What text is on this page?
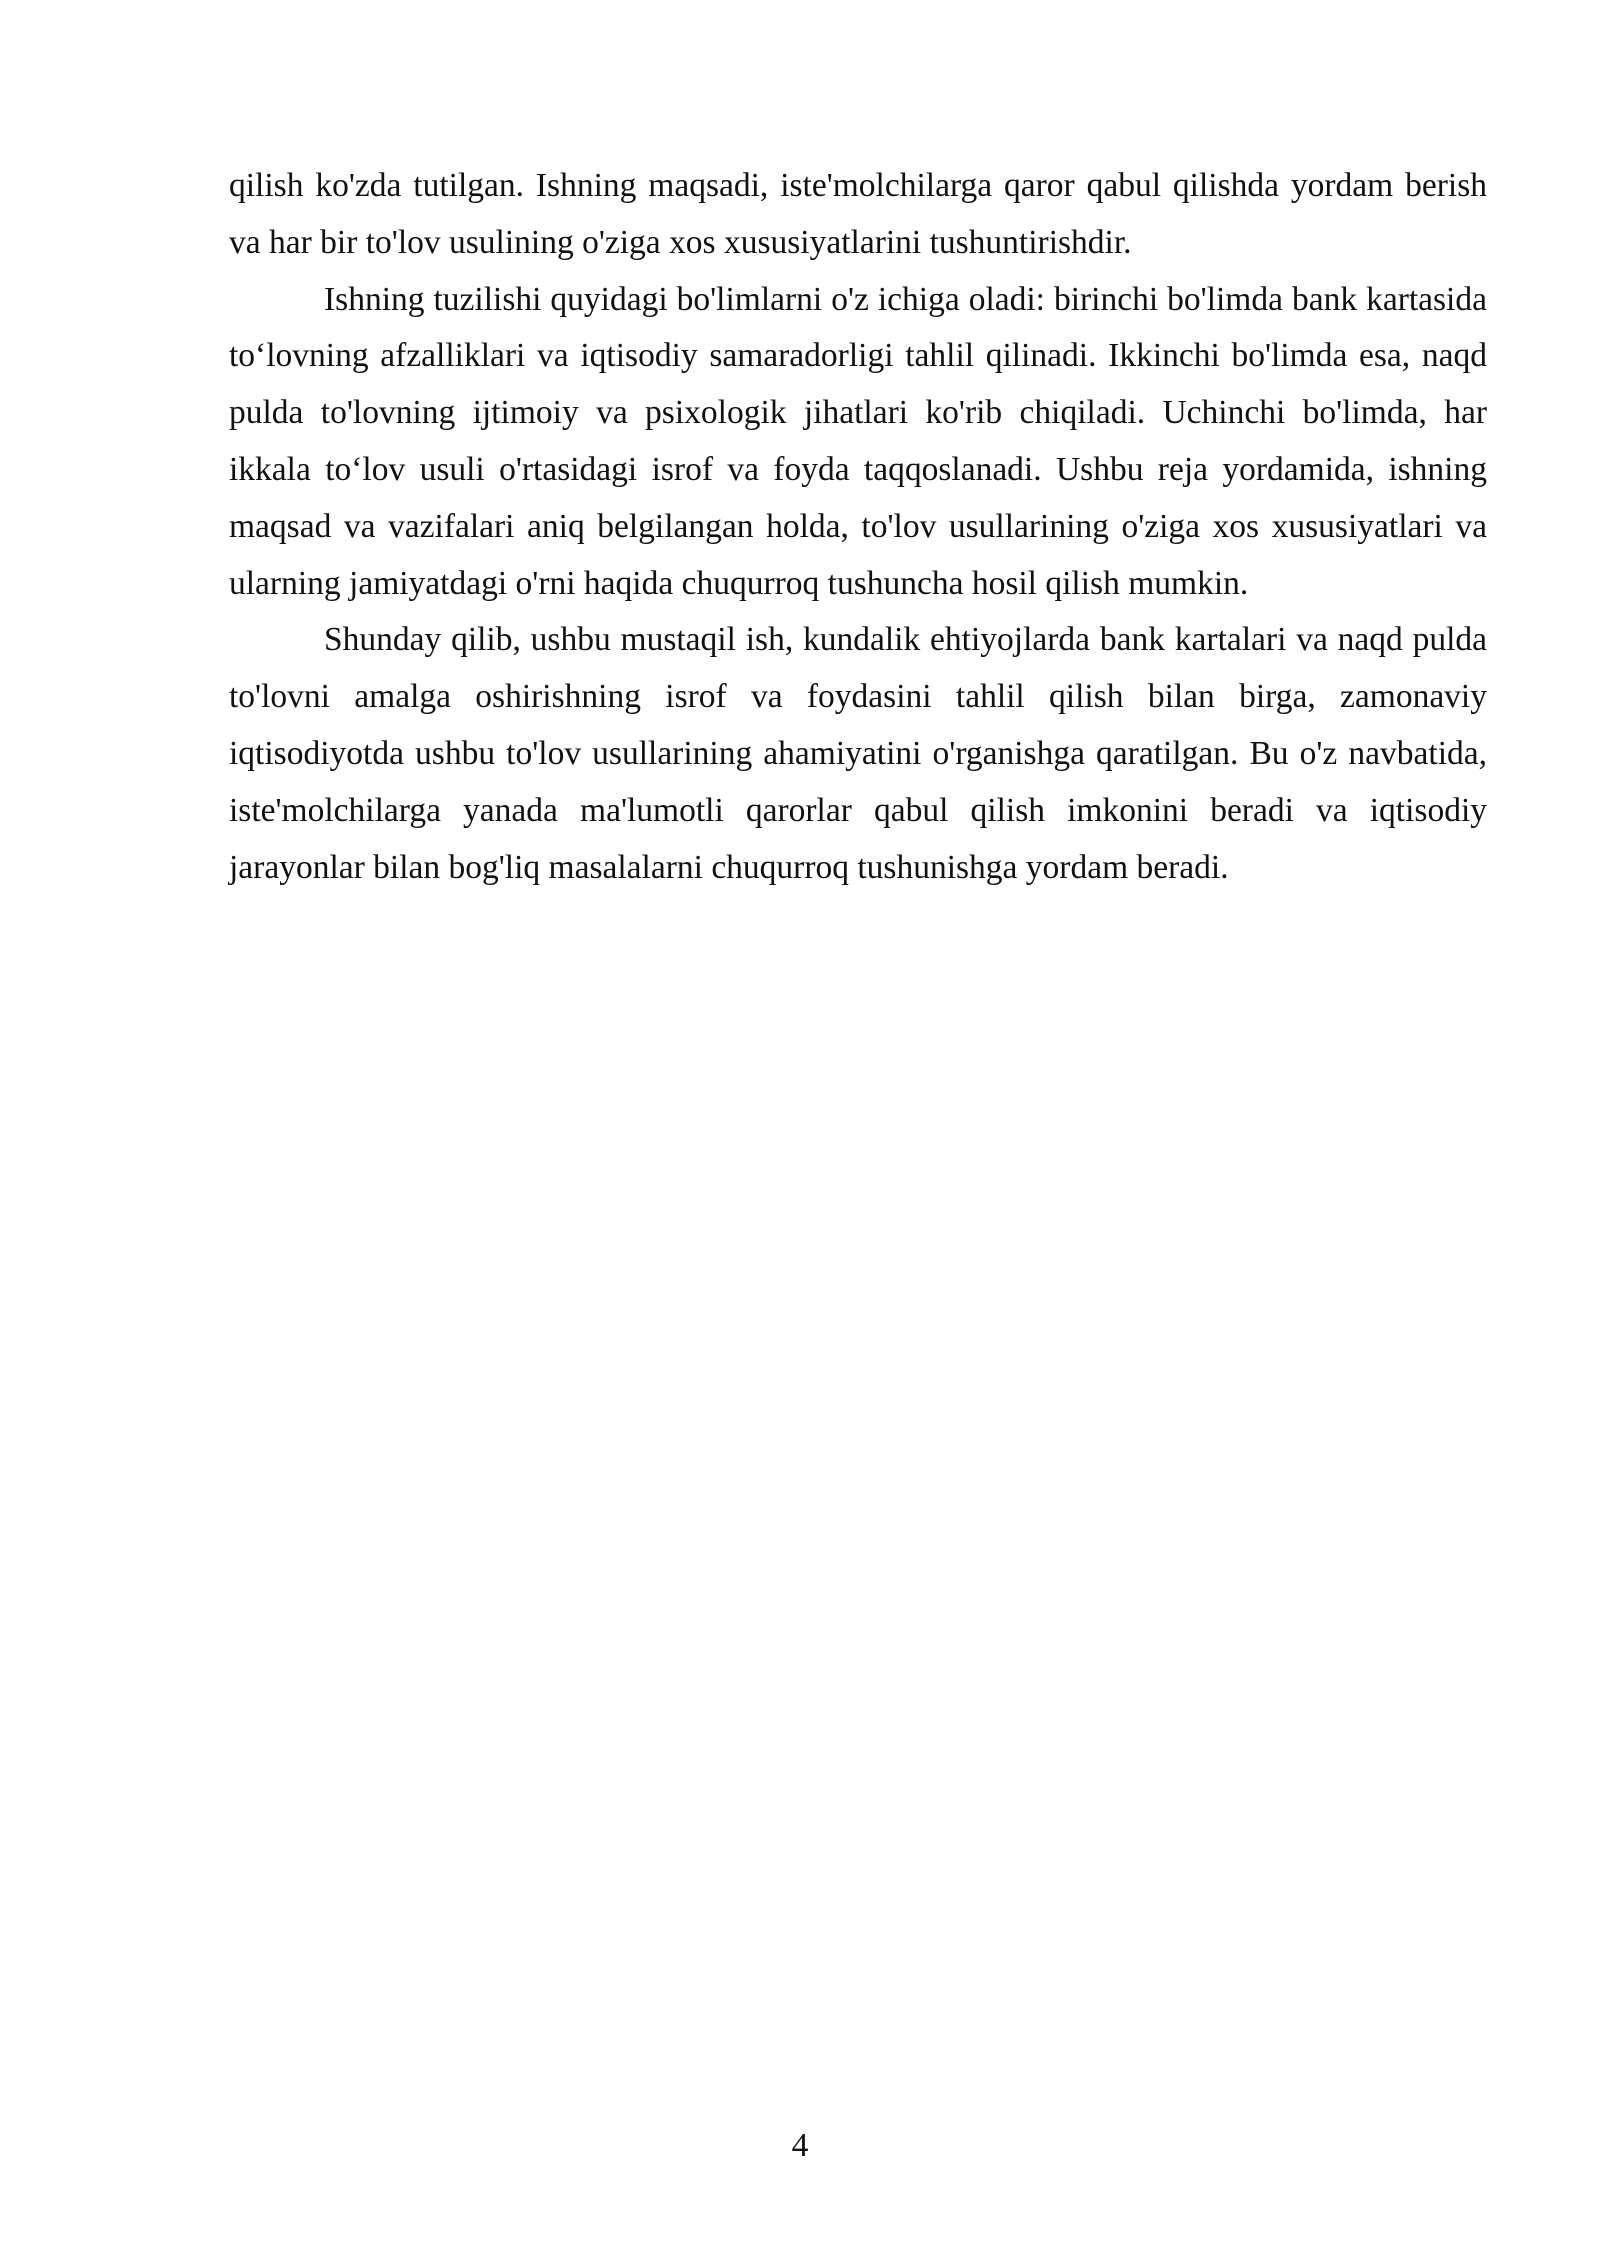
qilish ko'zda tutilgan. Ishning maqsadi, iste'molchilarga qaror qabul qilishda yordam berish va har bir to'lov usulining o'ziga xos xususiyatlarini tushuntirishdir.

Ishning tuzilishi quyidagi bo'limlarni o'z ichiga oladi: birinchi bo'limda bank kartasida to‘lovning afzalliklari va iqtisodiy samaradorligi tahlil qilinadi. Ikkinchi bo'limda esa, naqd pulda to'lovning ijtimoiy va psixologik jihatlari ko'rib chiqiladi. Uchinchi bo'limda, har ikkala to‘lov usuli o'rtasidagi isrof va foyda taqqoslanadi. Ushbu reja yordamida, ishning maqsad va vazifalari aniq belgilangan holda, to'lov usullarining o'ziga xos xususiyatlari va ularning jamiyatdagi o'rni haqida chuqurroq tushuncha hosil qilish mumkin.

Shunday qilib, ushbu mustaqil ish, kundalik ehtiyojlarda bank kartalari va naqd pulda to'lovni amalga oshirishning isrof va foydasini tahlil qilish bilan birga, zamonaviy iqtisodiyotda ushbu to'lov usullarining ahamiyatini o'rganishga qaratilgan. Bu o'z navbatida, iste'molchilarga yanada ma'lumotli qarorlar qabul qilish imkonini beradi va iqtisodiy jarayonlar bilan bog'liq masalalarni chuqurroq tushunishga yordam beradi.

4
